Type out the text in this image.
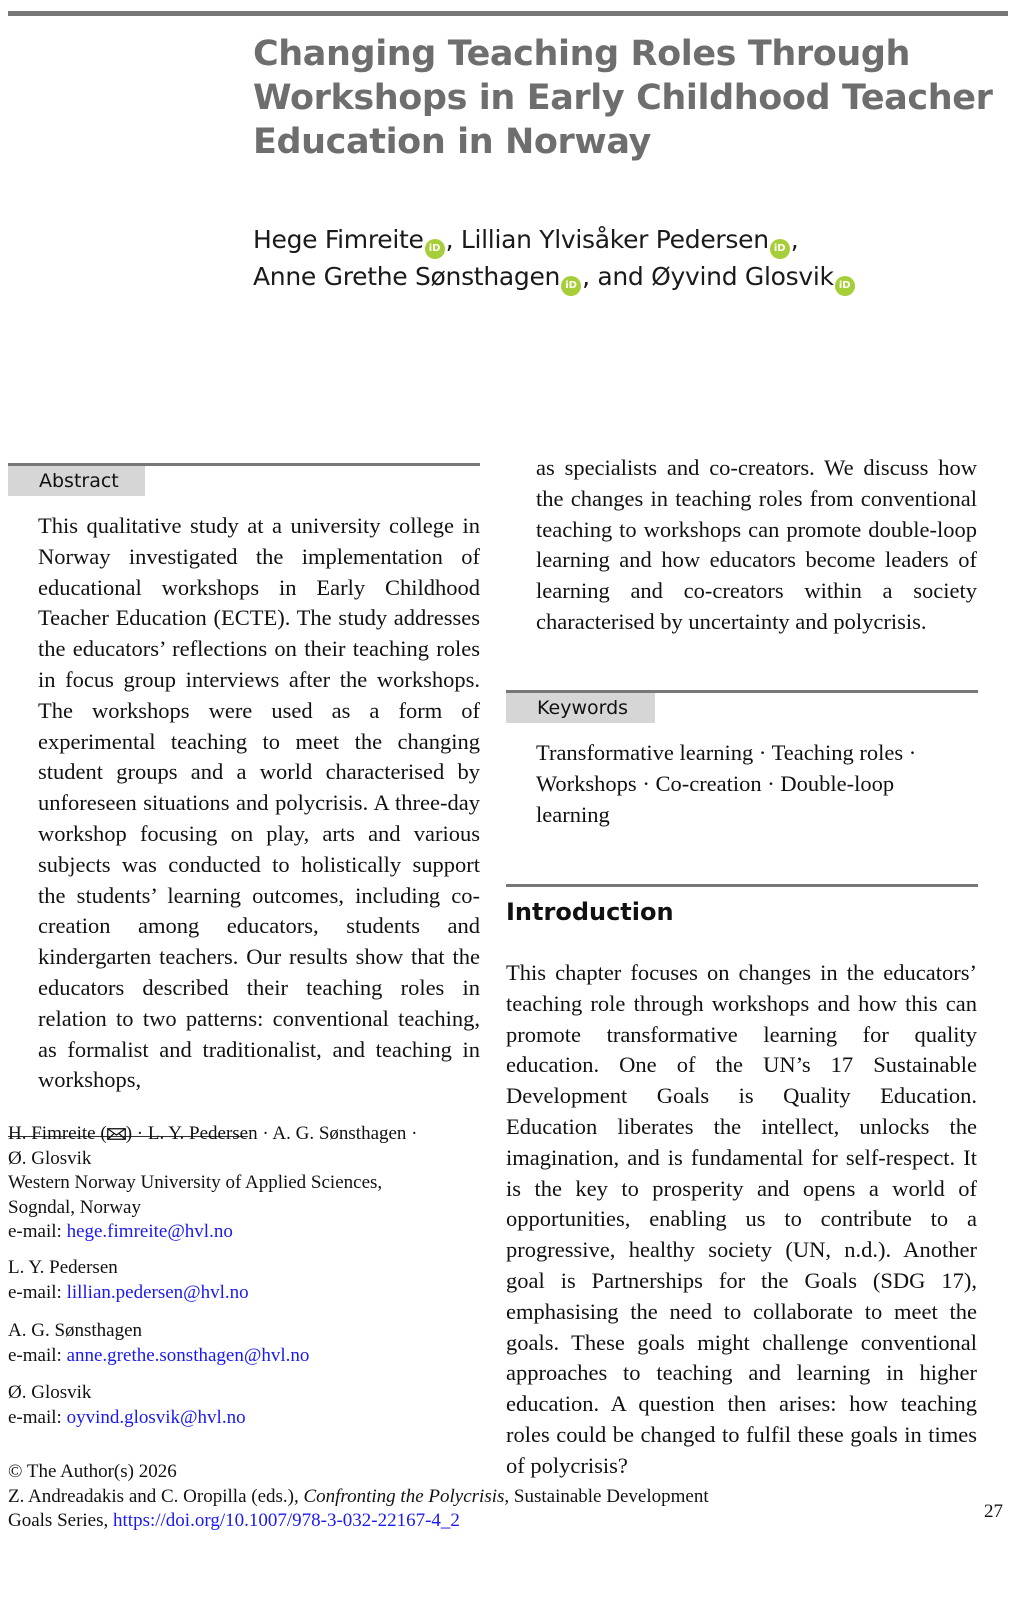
Changing Teaching Roles Through Workshops in Early Childhood Teacher Education in Norway
Hege Fimreite iD , Lillian Ylvisåker Pedersen iD ,
Anne Grethe Sønsthagen iD , and Øyvind Glosvik iD
Abstract

This qualitative study at a university college in Norway investigated the implementation of educational workshops in Early Childhood Teacher Education (ECTE). The study addresses the educators’ reflections on their teaching roles in focus group interviews after the workshops. The workshops were used as a form of experimental teaching to meet the changing student groups and a world characterised by unforeseen situations and polycrisis. A three-day workshop focusing on play, arts and various subjects was conducted to holistically support the students’ learning outcomes, including co-creation among educators, students and kindergarten teachers. Our results show that the educators described their teaching roles in relation to two patterns: conventional teaching, as formalist and traditionalist, and teaching in workshops,

as specialists and co-creators. We discuss how the changes in teaching roles from conventional teaching to workshops can promote double-loop learning and how educators become leaders of learning and co-creators within a society characterised by uncertainty and polycrisis.

Keywords

Transformative learning · Teaching roles ·
Workshops · Co-creation · Double-loop learning

Introduction

This chapter focuses on changes in the educators’ teaching role through workshops and how this can promote transformative learning for quality education. One of the UN’s 17 Sustainable Development Goals is Quality Education. Education liberates the intellect, unlocks the imagination, and is fundamental for self-respect. It is the key to prosperity and opens a world of opportunities, enabling us to contribute to a progressive, healthy society (UN, n.d.). Another goal is Partnerships for the Goals (SDG 17), emphasising the need to collaborate to meet the goals. These goals might challenge conventional approaches to teaching and learning in higher education. A question then arises: how teaching roles could be changed to fulfil these goals in times of polycrisis?

H. Fimreite ( ) · L. Y. Pedersen · A. G. Sønsthagen ·
Ø. Glosvik
Western Norway University of Applied Sciences,
Sogndal, Norway
e-mail: hege.fimreite@hvl.no
L. Y. Pedersen
e-mail: lillian.pedersen@hvl.no
A. G. Sønsthagen
e-mail: anne.grethe.sonsthagen@hvl.no
Ø. Glosvik
e-mail: oyvind.glosvik@hvl.no
© The Author(s) 2026
27
Z. Andreadakis and C. Oropilla (eds.), Confronting the Polycrisis, Sustainable Development
Goals Series, https://doi.org/10.1007/978-3-032-22167-4_2
